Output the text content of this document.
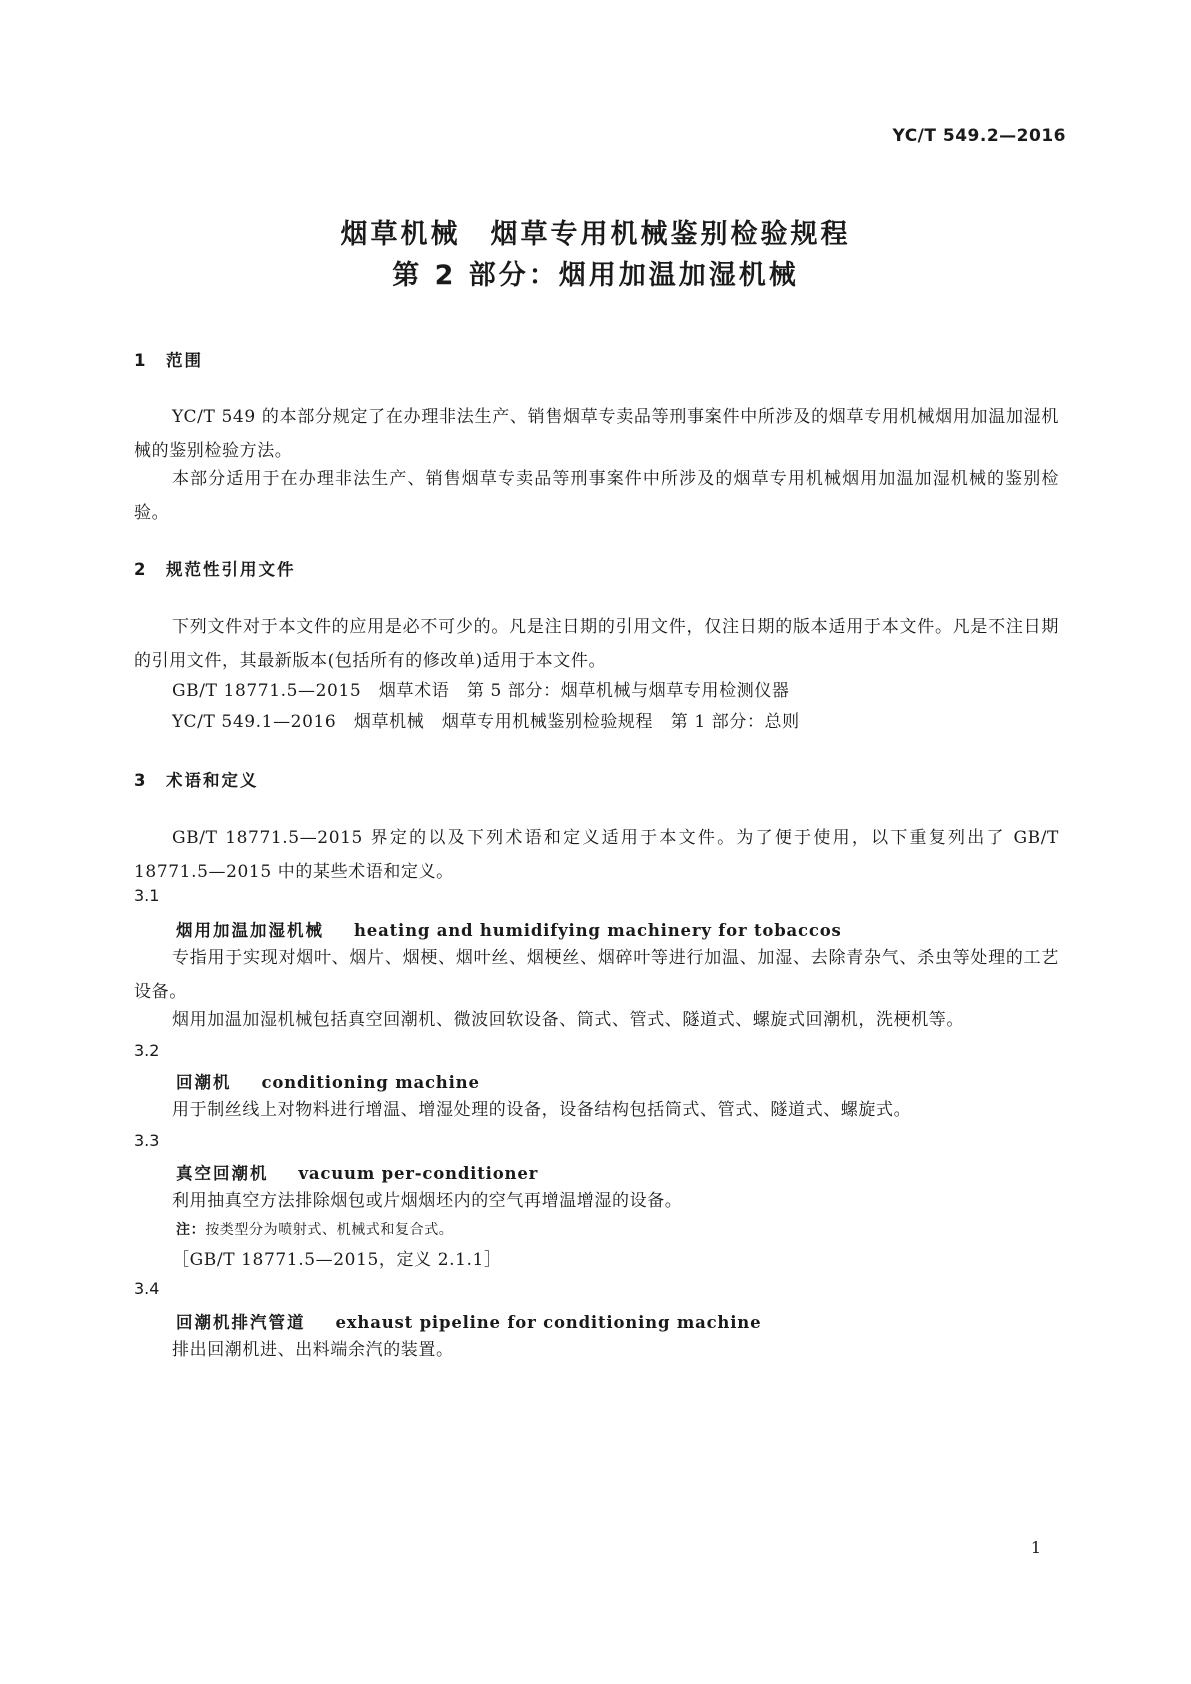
YC/T 549.2—2016
烟草机械　烟草专用机械鉴别检验规程
第 2 部分：烟用加温加湿机械
1 范围
YC/T 549 的本部分规定了在办理非法生产、销售烟草专卖品等刑事案件中所涉及的烟草专用机械烟用加温加湿机械的鉴别检验方法。
本部分适用于在办理非法生产、销售烟草专卖品等刑事案件中所涉及的烟草专用机械烟用加温加湿机械的鉴别检验。
2 规范性引用文件
下列文件对于本文件的应用是必不可少的。凡是注日期的引用文件，仅注日期的版本适用于本文件。凡是不注日期的引用文件，其最新版本(包括所有的修改单)适用于本文件。
GB/T 18771.5—2015　烟草术语　第 5 部分：烟草机械与烟草专用检测仪器
YC/T 549.1—2016　烟草机械　烟草专用机械鉴别检验规程　第 1 部分：总则
3 术语和定义
GB/T 18771.5—2015 界定的以及下列术语和定义适用于本文件。为了便于使用，以下重复列出了 GB/T 18771.5—2015 中的某些术语和定义。
3.1
烟用加温加湿机械 heating and humidifying machinery for tobaccos
专指用于实现对烟叶、烟片、烟梗、烟叶丝、烟梗丝、烟碎叶等进行加温、加湿、去除青杂气、杀虫等处理的工艺设备。
烟用加温加湿机械包括真空回潮机、微波回软设备、筒式、管式、隧道式、螺旋式回潮机，洗梗机等。
3.2
回潮机 conditioning machine
用于制丝线上对物料进行增温、增湿处理的设备，设备结构包括筒式、管式、隧道式、螺旋式。
3.3
真空回潮机 vacuum per-conditioner
利用抽真空方法排除烟包或片烟烟坯内的空气再增温增湿的设备。
注：按类型分为喷射式、机械式和复合式。
［GB/T 18771.5—2015，定义 2.1.1］
3.4
回潮机排汽管道 exhaust pipeline for conditioning machine
排出回潮机进、出料端余汽的装置。
1
